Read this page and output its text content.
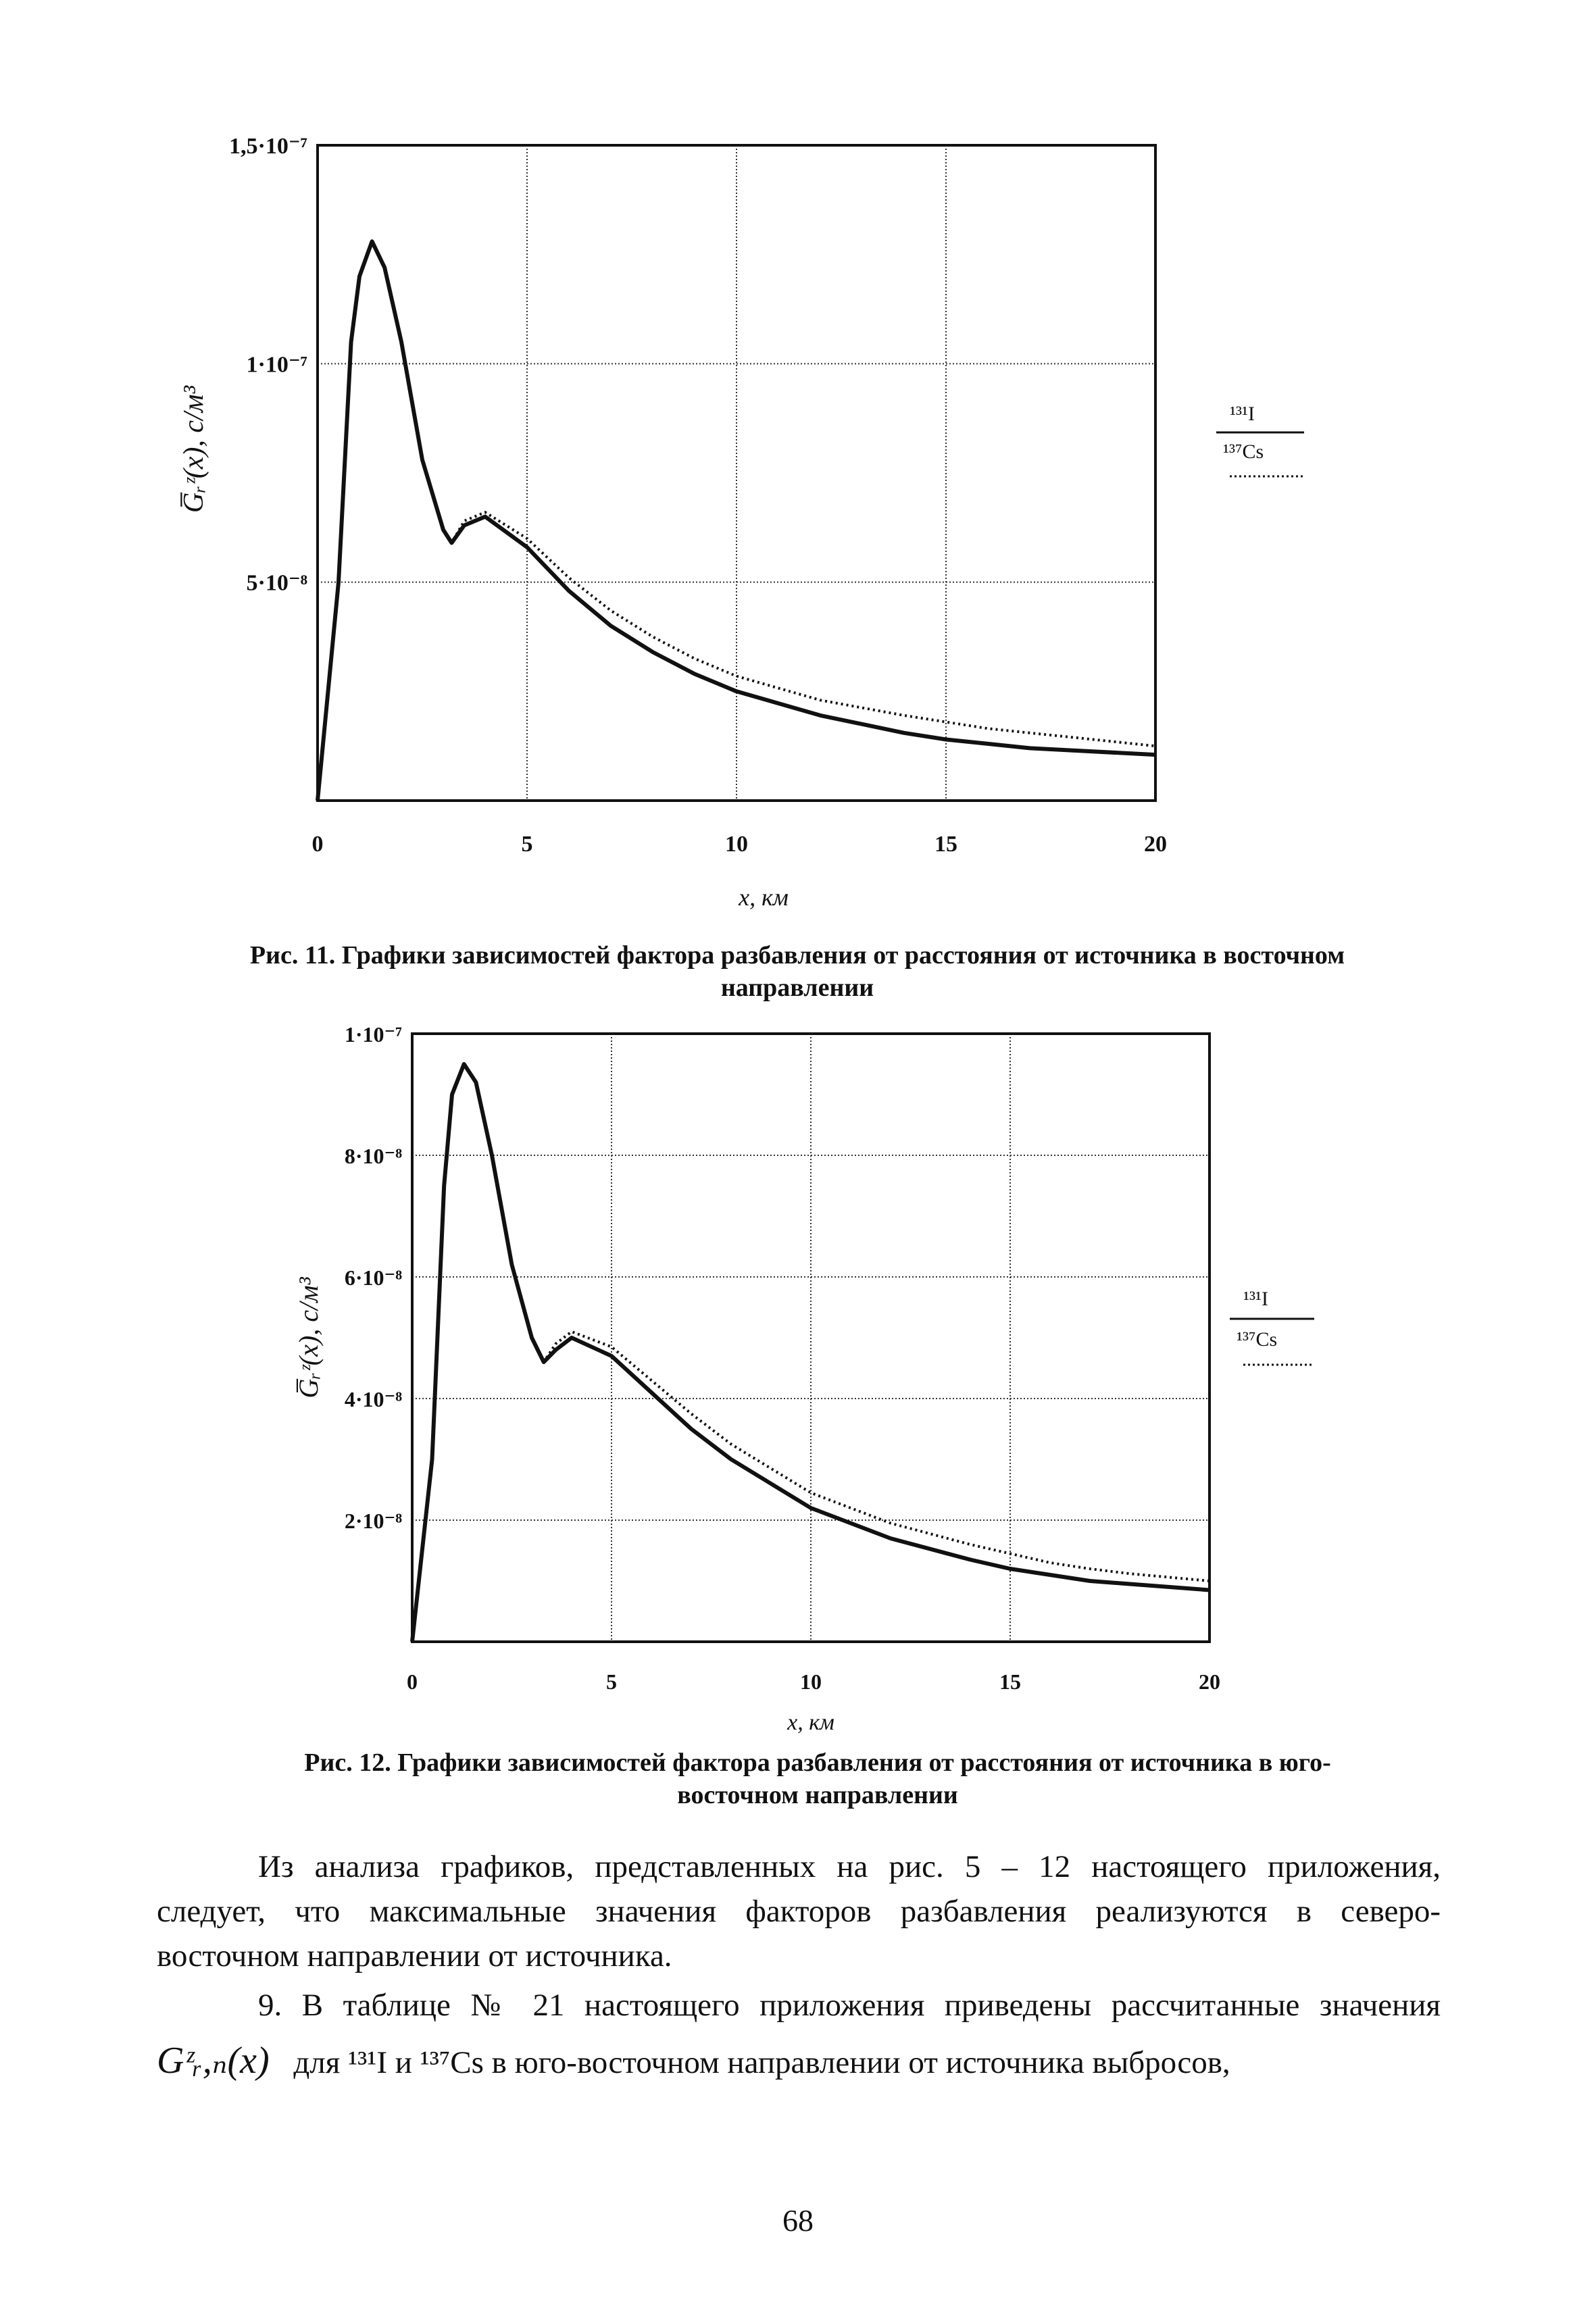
0	5	10	15	20
5·10⁻⁸
1·10⁻⁷
1,5·10⁻⁷
x, км
G̅ᵣᶻ(x), с/м³	¹³¹I
¹³⁷Cs
Рис. 11. Графики зависимостей фактора разбавления от расстояния от источника в восточном
направлении
0	5	10	15	20
2·10⁻⁸
4·10⁻⁸
6·10⁻⁸
8·10⁻⁸
1·10⁻⁷
x, км
G̅ᵣᶻ(x), с/м³	¹³¹I
¹³⁷Cs
Рис. 12. Графики зависимостей фактора разбавления от расстояния от источника в юго-
восточном направлении
Из анализа графиков, представленных на рис. 5 – 12 настоящего приложения,
следует, что максимальные значения факторов разбавления реализуются в северо-
восточном направлении от источника.
9. В таблице № 21 настоящего приложения приведены рассчитанные значения
Gᶻᵣ,ₙ(x) для ¹³¹I и ¹³⁷Cs в юго-восточном направлении от источника выбросов,
68
